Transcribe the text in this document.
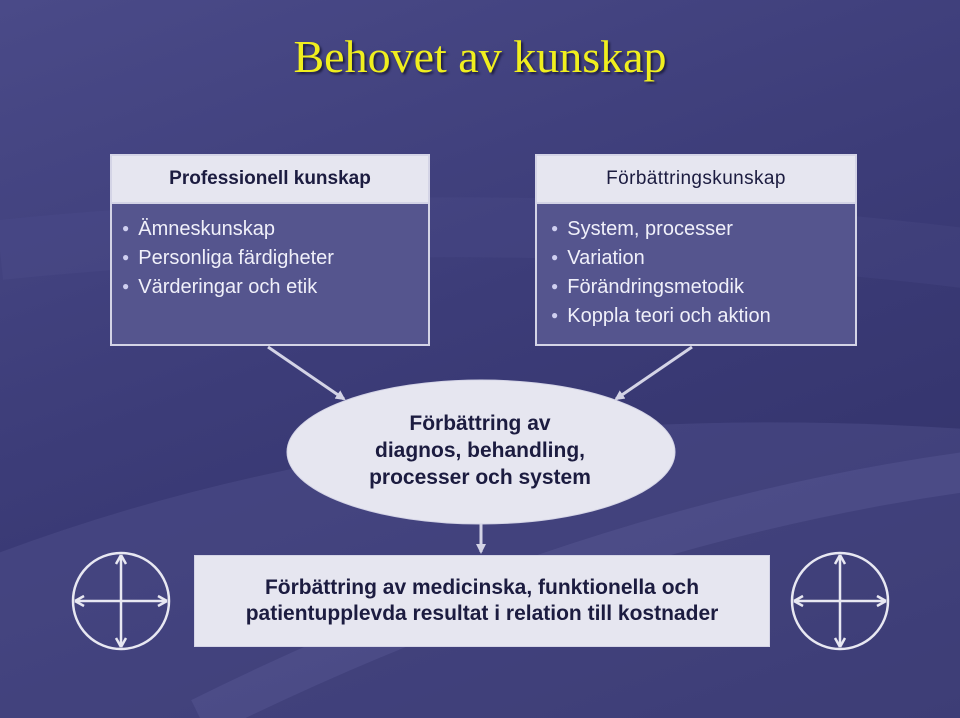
Behovet av kunskap
Professionell kunskap
● Ämneskunskap
● Personliga färdigheter
● Värderingar och etik
Förbättringskunskap
● System, processer
● Variation
● Förändringsmetodik
● Koppla teori och aktion
Förbättring av
diagnos, behandling,
processer och system
Förbättring av medicinska, funktionella och
patientupplevda resultat i relation till kostnader
